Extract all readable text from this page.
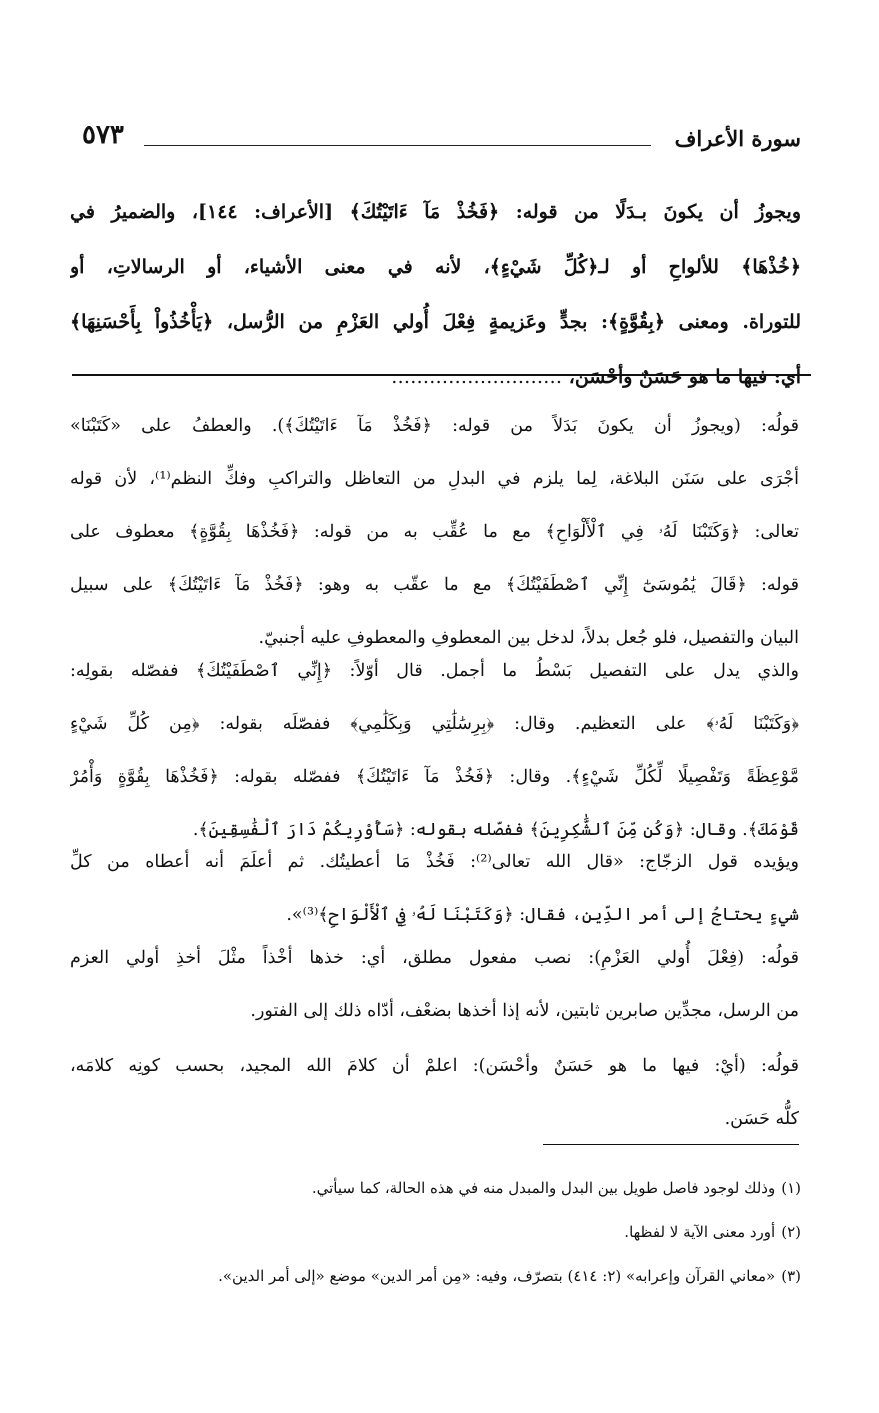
سورة الأعراف
٥٧٣
ويجوزُ أن يكونَ بـدَلًا من قوله: ﴿فَخُذْ مَآ ءَاتَيْتُكَ﴾ [الأعراف: ١٤٤]، والضميرُ في
﴿خُذْهَا﴾ للألواحِ أو لـ﴿كُلِّ شَيْءٍ﴾، لأنه في معنى الأشياء، أو الرسالاتِ، أو
للتوراة. ومعنى ﴿بِقُوَّةٍ﴾: بجدٍّ وعَزيمةٍ فِعْلَ أُولي العَزْمِ من الرُّسل، ﴿يَأْخُذُواْ بِأَحْسَنِهَا﴾
أي: فيها ما هو حَسَنٌ وأحْسَن، ………………………
قولُه: (ويجوزُ أن يكونَ بَدَلاً من قوله: ﴿فَخُذْ مَآ ءَاتَيْتُكَ﴾). والعطفُ على «كَتَبْنَا»
أجْرَى على سَنَن البلاغة، لِما يلزم في البدلِ من التعاظل والتراكبِ وفكِّ النظم⁽¹⁾، لأن قوله
تعالى: ﴿وَكَتَبْنَا لَهُۥ فِي ٱلْأَلْوَاحِ﴾ مع ما عُقِّب به من قوله: ﴿فَخُذْهَا بِقُوَّةٍ﴾ معطوف على
قوله: ﴿قَالَ يَٰمُوسَىٰٓ إِنِّي ٱصْطَفَيْتُكَ﴾ مع ما عقّب به وهو: ﴿فَخُذْ مَآ ءَاتَيْتُكَ﴾ على سبيل
البيان والتفصيل، فلو جُعل بدلاً، لدخل بين المعطوفِ والمعطوفِ عليه أجنبيّ.
والذي يدل على التفصيل بَسْطُ ما أجمل. قال أوّلاً: ﴿إِنِّي ٱصْطَفَيْتُكَ﴾ ففصّله بقولِه:
﴿وَكَتَبْنَا لَهُۥ﴾ على التعظيم. وقال: ﴿بِرِسَٰلَٰتِي وَبِكَلَٰمِي﴾ ففصّلَه بقوله: ﴿مِن كُلِّ شَيْءٍ
مَّوْعِظَةً وَتَفْصِيلًا لِّكُلِّ شَيْءٍ﴾. وقال: ﴿فَخُذْ مَآ ءَاتَيْتُكَ﴾ ففصّله بقوله: ﴿فَخُذْهَا بِقُوَّةٍ وَأْمُرْ
قَوْمَكَ﴾. وقال: ﴿وَكُن مِّنَ ٱلشَّٰكِرِينَ﴾ ففصّله بقوله: ﴿سَأُوْرِيكُمْ دَارَ ٱلْفَٰسِقِينَ﴾.
ويؤيده قول الزجّاج: «قال الله تعالى⁽²⁾: فَخُذْ مَا أعطيتُك. ثم أعلَمَ أنه أعطاه من كلِّ
شيءٍ يحتاجُ إلى أمر الدِّين، فقال: ﴿وَكَتَبْنَا لَهُۥ فِي ٱلْأَلْوَاحِ﴾⁽³⁾».
قولُه: (فِعْلَ أُولي العَزْمِ): نصب مفعول مطلق، أي: خذها أخْذاً مثْلَ أخذِ أولي العزم
من الرسل، مجدِّين صابرين ثابتين، لأنه إذا أخذها بضعْف، أدّاه ذلك إلى الفتور.
قولُه: (أيْ: فيها ما هو حَسَنٌ وأحْسَن): اعلمْ أن كلامَ الله المجيد، بحسب كونِه كلامَه،
كلُّه حَسَن.
(١)وذلك لوجود فاصل طويل بين البدل والمبدل منه في هذه الحالة، كما سيأتي.
(٢)أورد معنى الآية لا لفظها.
(٣)«معاني القرآن وإعرابه» (٢: ٤١٤) بتصرّف، وفيه: «مِن أمر الدين» موضع «إلى أمر الدين».
